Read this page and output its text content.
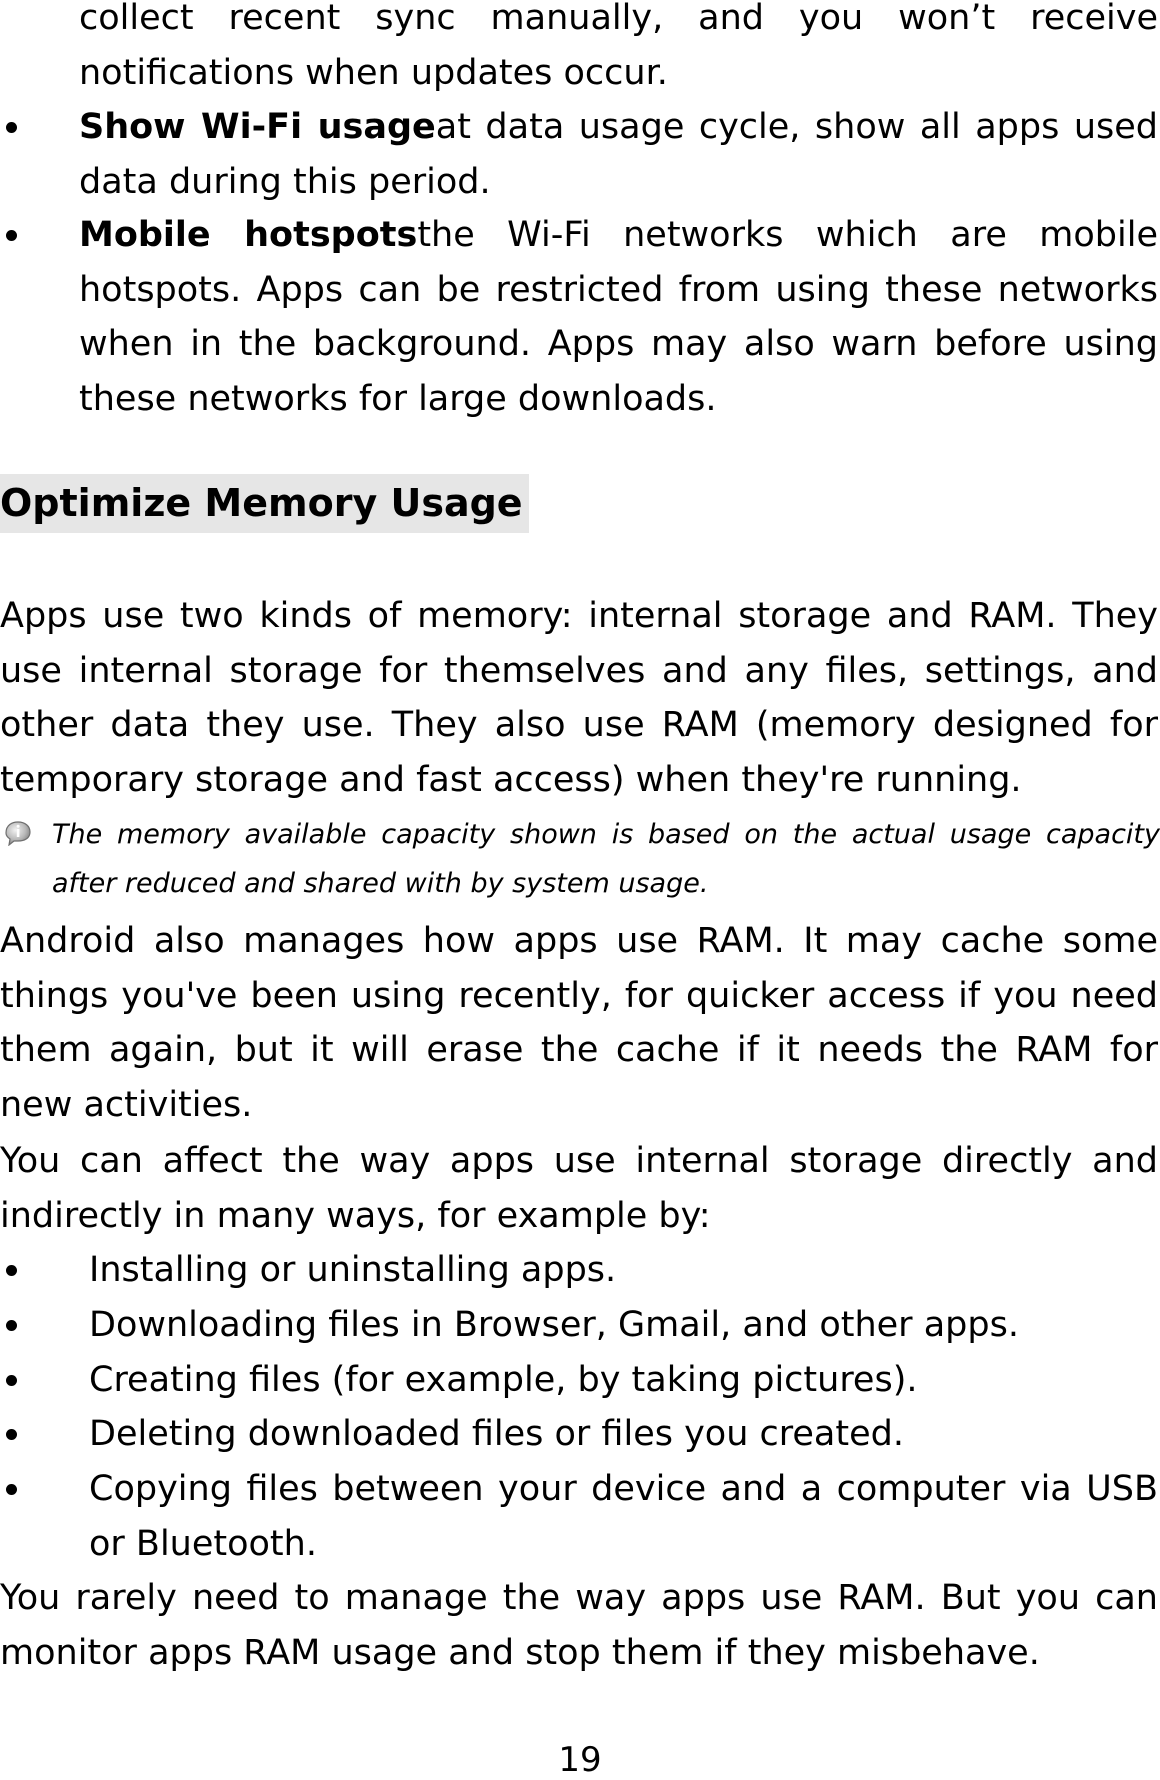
collect recent sync manually, and you won’t receive

notifications when updates occur.

Show Wi-Fi usageat data usage cycle, show all apps used data during this period.

Mobile hotspotsthe Wi-Fi networks which are mobile hotspots. Apps can be restricted from using these networks when in the background. Apps may also warn before using these networks for large downloads.

Optimize Memory Usage

Apps use two kinds of memory: internal storage and RAM. They use internal storage for themselves and any files, settings, and other data they use. They also use RAM (memory designed for temporary storage and fast access) when they're running.

The memory available capacity shown is based on the actual usage capacity after reduced and shared with by system usage.

Android also manages how apps use RAM. It may cache some things you've been using recently, for quicker access if you need them again, but it will erase the cache if it needs the RAM for new activities.

You can affect the way apps use internal storage directly and indirectly in many ways, for example by:

Installing or uninstalling apps.

Downloading files in Browser, Gmail, and other apps.

Creating files (for example, by taking pictures).

Deleting downloaded files or files you created.

Copying files between your device and a computer via USB or Bluetooth.

You rarely need to manage the way apps use RAM. But you can monitor apps RAM usage and stop them if they misbehave.

19
